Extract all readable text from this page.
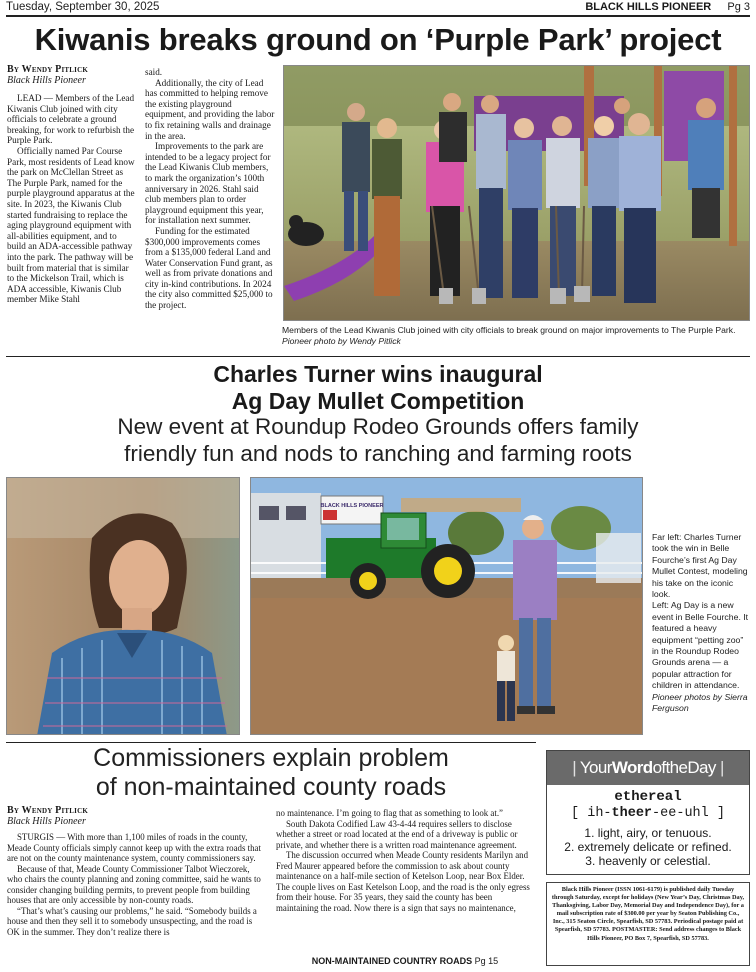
Tuesday, September 30, 2025	BLACK HILLS PIONEER Pg 3
Kiwanis breaks ground on ‘Purple Park’ project
By Wendy Pitlick
Black Hills Pioneer

LEAD — Members of the Lead Kiwanis Club joined with city officials to celebrate a ground breaking, for work to refurbish the Purple Park.

Officially named Par Course Park, most residents of Lead know the park on McClellan Street as The Purple Park, named for the purple playground apparatus at the site. In 2023, the Kiwanis Club started fundraising to replace the aging playground equipment with all-abilities equipment, and to build an ADA-accessible pathway into the park. The pathway will be built from material that is similar to the Mickelson Trail, which is ADA accessible, Kiwanis Club member Mike Stahl

said.

Additionally, the city of Lead has committed to helping remove the existing playground equipment, and providing the labor to fix retaining walls and drainage in the area.

Improvements to the park are intended to be a legacy project for the Lead Kiwanis Club members, to mark the organization’s 100th anniversary in 2026. Stahl said club members plan to order playground equipment this year, for installation next summer.

Funding for the estimated $300,000 improvements comes from a $135,000 federal Land and Water Conservation Fund grant, as well as from private donations and city in-kind contributions. In 2024 the city also committed $25,000 to the project.

Members of the Lead Kiwanis Club joined with city officials to break ground on major improvements to The Purple Park. Pioneer photo by Wendy Pitlick
Charles Turner wins inaugural
Ag Day Mullet Competition
New event at Roundup Rodeo Grounds offers family
friendly fun and nods to ranching and farming roots
BLACK HILLS PIONEER
Far left: Charles Turner took the win in Belle Fourche’s first Ag Day Mullet Contest, modeling his take on the iconic look.
Left: Ag Day is a new event in Belle Fourche. It featured a heavy equipment “petting zoo” in the Roundup Rodeo Grounds arena — a popular attraction for children in attendance.
Pioneer photos by Sierra Ferguson
Commissioners explain problem
of non-maintained county roads
By Wendy Pitlick
Black Hills Pioneer

STURGIS — With more than 1,100 miles of roads in the county, Meade County officials simply cannot keep up with the extra roads that are not on the county maintenance system, county commissioners say.

Because of that, Meade County Commissioner Talbot Wieczorek, who chairs the county planning and zoning committee, said he wants to consider changing building permits, to prevent people from building houses that are only accessible by non-county roads.

“That’s what’s causing our problems,” he said. “Somebody builds a house and then they sell it to somebody unsuspecting, and the road is OK in the summer. They don’t realize there is

no maintenance. I’m going to flag that as something to look at.”

South Dakota Codified Law 43-4-44 requires sellers to disclose whether a street or road located at the end of a driveway is public or private, and whether there is a written road maintenance agreement.

The discussion occurred when Meade County residents Marilyn and Fred Maurer appeared before the commission to ask about county maintenance on a half-mile section of Ketelson Loop, near Box Elder. The couple lives on East Ketelson Loop, and the road is the only egress from their house. For 35 years, they said the county has been maintaining the road. Now there is a sign that says no maintenance,

NON-MAINTAINED COUNTRY ROADS Pg 15
| YourWordoftheDay |
ethereal
[ ih-theer-ee-uhl ]
1. light, airy, or tenuous.
2. extremely delicate or refined.
3. heavenly or celestial.
Black Hills Pioneer (ISSN 1061-6179) is published daily Tuesday through Saturday, except for holidays (New Year’s Day, Christmas Day, Thanksgiving, Labor Day, Memorial Day and Independence Day), for a mail subscription rate of $300.00 per year by Seaton Publishing Co., Inc., 315 Seaton Circle, Spearfish, SD 57783. Periodical postage paid at Spearfish, SD 57783. POSTMASTER: Send address changes to Black Hills Pioneer, PO Box 7, Spearfish, SD 57783.
